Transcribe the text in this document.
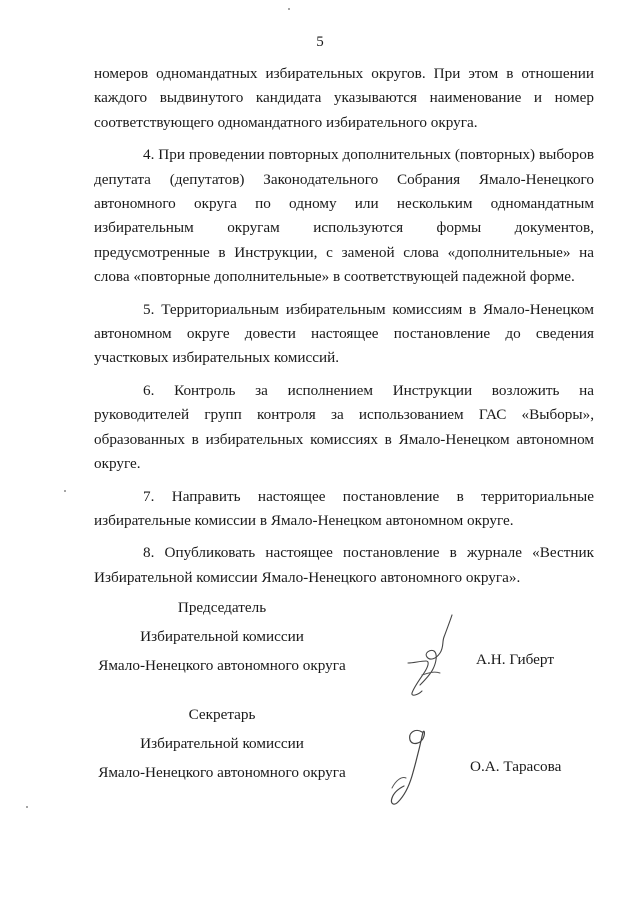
5

номеров одномандатных избирательных округов. При этом в отношении каждого выдвинутого кандидата указываются наименование и номер соответствующего одномандатного избирательного округа.

4. При проведении повторных дополнительных (повторных) выборов депутата (депутатов) Законодательного Собрания Ямало-Ненецкого автономного округа по одному или нескольким одномандатным избирательным округам используются формы документов, предусмотренные в Инструкции, с заменой слова «дополнительные» на слова «повторные дополнительные» в соответствующей падежной форме.

5. Территориальным избирательным комиссиям в Ямало-Ненецком автономном округе довести настоящее постановление до сведения участковых избирательных комиссий.

6. Контроль за исполнением Инструкции возложить на руководителей групп контроля за использованием ГАС «Выборы», образованных в избирательных комиссиях в Ямало-Ненецком автономном округе.

7. Направить настоящее постановление в территориальные избирательные комиссии в Ямало-Ненецком автономном округе.

8. Опубликовать настоящее постановление в журнале «Вестник Избирательной комиссии Ямало-Ненецкого автономного округа».

Председатель
Избирательной комиссии
Ямало-Ненецкого автономного округа	А.Н. Гиберт
Секретарь
Избирательной комиссии
Ямало-Ненецкого автономного округа	О.А. Тарасова
